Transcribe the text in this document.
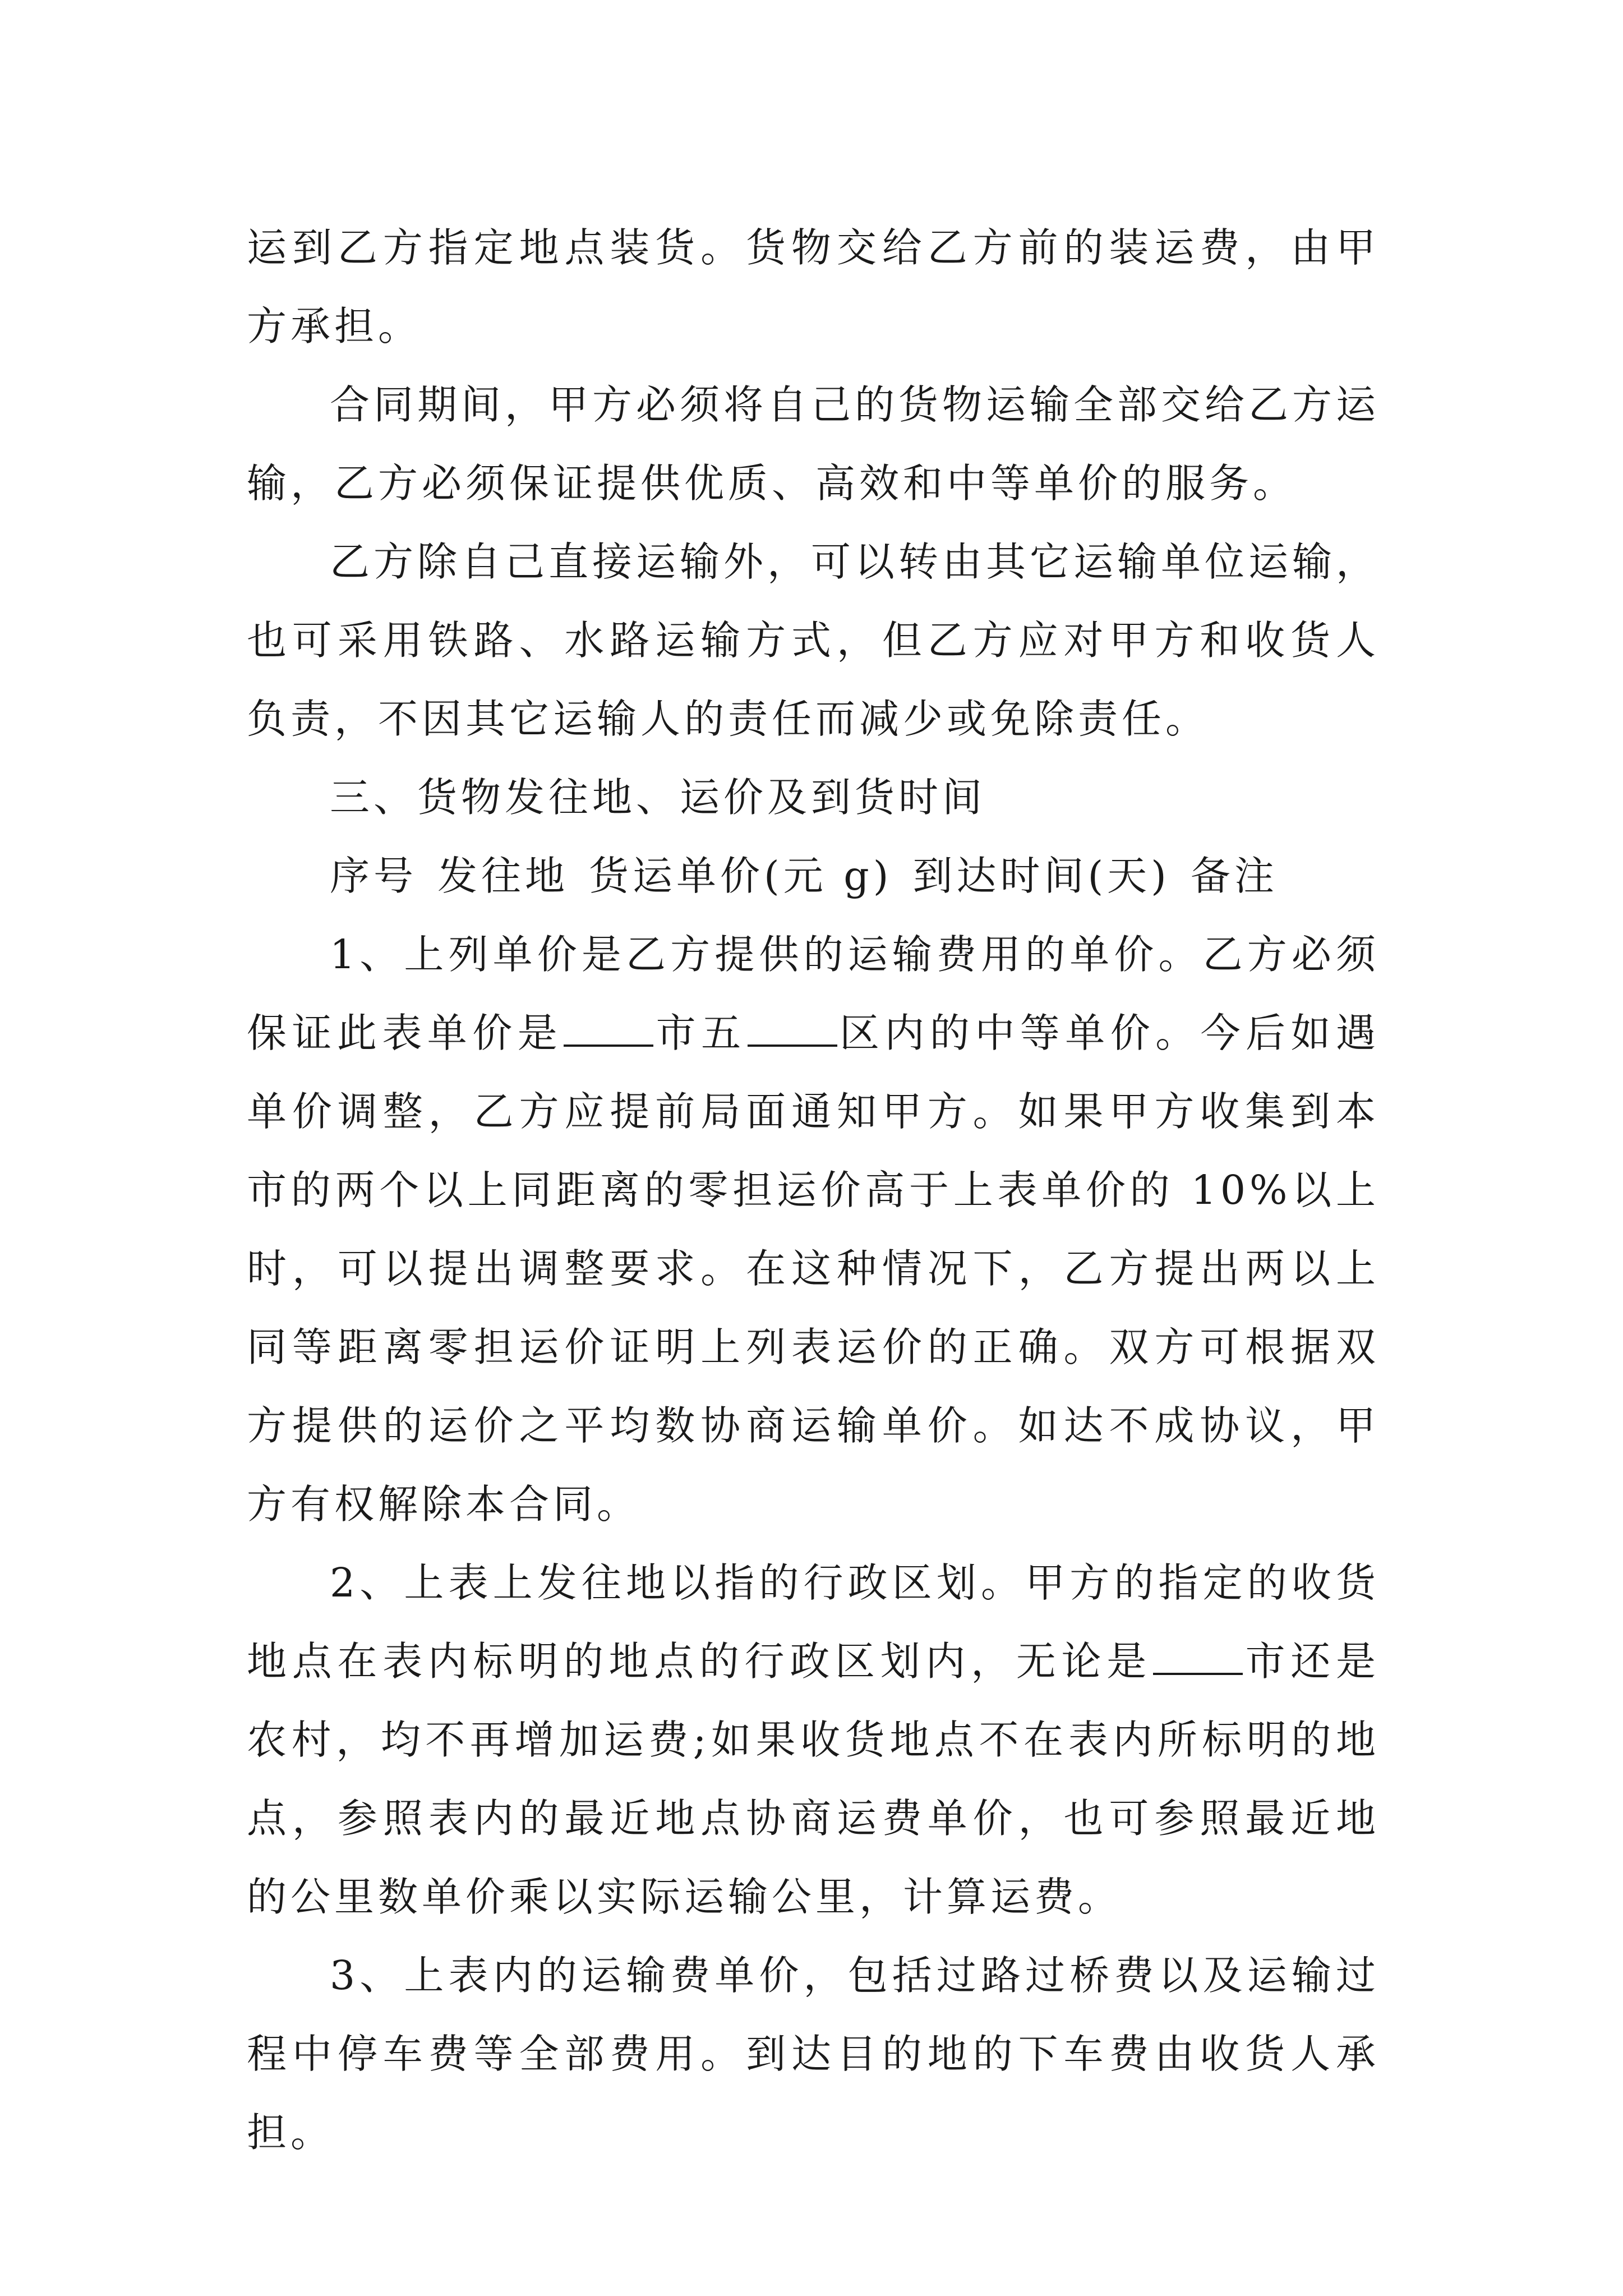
运到乙方指定地点装货。货物交给乙方前的装运费，由甲方承担。

合同期间，甲方必须将自己的货物运输全部交给乙方运输，乙方必须保证提供优质、高效和中等单价的服务。

乙方除自己直接运输外，可以转由其它运输单位运输，也可采用铁路、水路运输方式，但乙方应对甲方和收货人负责，不因其它运输人的责任而减少或免除责任。

三、货物发往地、运价及到货时间

序号 发往地 货运单价(元 g) 到达时间(天) 备注

1、上列单价是乙方提供的运输费用的单价。乙方必须保证此表单价是 市五 区内的中等单价。今后如遇单价调整，乙方应提前局面通知甲方。如果甲方收集到本市的两个以上同距离的零担运价高于上表单价的 10%以上时，可以提出调整要求。在这种情况下，乙方提出两以上同等距离零担运价证明上列表运价的正确。双方可根据双方提供的运价之平均数协商运输单价。如达不成协议，甲方有权解除本合同。

2、上表上发往地以指的行政区划。甲方的指定的收货地点在表内标明的地点的行政区划内，无论是 市还是农村，均不再增加运费;如果收货地点不在表内所标明的地点，参照表内的最近地点协商运费单价，也可参照最近地的公里数单价乘以实际运输公里，计算运费。

3、上表内的运输费单价，包括过路过桥费以及运输过程中停车费等全部费用。到达目的地的下车费由收货人承担。
